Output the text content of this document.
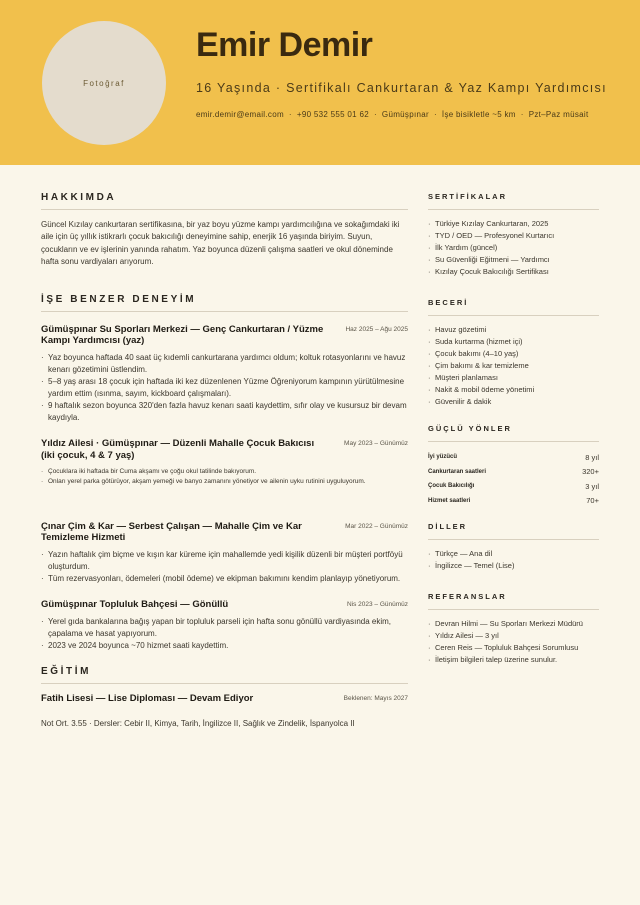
Fotoğraf
Emir Demir
16 Yaşında · Sertifikalı Cankurtaran & Yaz Kampı Yardımcısı
emir.demir@email.com · +90 532 555 01 62 · Gümüşpınar · İşe bisikletle ~5 km · Pzt–Paz müsait
HAKKIMDA

Güncel Kızılay cankurtaran sertifikasına, bir yaz boyu yüzme kampı yardımcılığına ve sokağımdaki iki aile için üç yıllık istikrarlı çocuk bakıcılığı deneyimine sahip, enerjik 16 yaşında biriyim. Suyun, çocukların ve ev işlerinin yanında rahatım. Yaz boyunca düzenli çalışma saatleri ve okul döneminde hafta sonu vardiyaları arıyorum.

İŞE BENZER DENEYİM
Gümüşpınar Su Sporları Merkezi — Genç Cankurtaran / Yüzme Kampı Yardımcısı (yaz)
Haz 2025 – Ağu 2025
· Yaz boyunca haftada 40 saat üç kıdemli cankurtarana yardımcı oldum; koltuk rotasyonlarını ve havuz kenarı gözetimini üstlendim.
· 5–8 yaş arası 18 çocuk için haftada iki kez düzenlenen Yüzme Öğreniyorum kampının yürütülmesine yardım ettim (ısınma, sayım, kickboard çalışmaları).
· 9 haftalık sezon boyunca 320'den fazla havuz kenarı saati kaydettim, sıfır olay ve kusursuz bir devam kaydıyla.
Yıldız Ailesi · Gümüşpınar — Düzenli Mahalle Çocuk Bakıcısı (iki çocuk, 4 & 7 yaş)
May 2023 – Günümüz
· Çocuklara iki haftada bir Cuma akşamı ve çoğu okul tatilinde bakıyorum.
· Onları yerel parka götürüyor, akşam yemeği ve banyo zamanını yönetiyor ve ailenin uyku rutinini uyguluyorum.
Çınar Çim & Kar — Serbest Çalışan — Mahalle Çim ve Kar Temizleme Hizmeti
Mar 2022 – Günümüz
· Yazın haftalık çim biçme ve kışın kar küreme için mahallemde yedi kişilik düzenli bir müşteri portföyü oluşturdum.
· Tüm rezervasyonları, ödemeleri (mobil ödeme) ve ekipman bakımını kendim planlayıp yönetiyorum.
Gümüşpınar Topluluk Bahçesi — Gönüllü	Nis 2023 – Günümüz
· Yerel gıda bankalarına bağış yapan bir topluluk parseli için hafta sonu gönüllü vardiyasında ekim, çapalama ve hasat yapıyorum.
· 2023 ve 2024 boyunca ~70 hizmet saati kaydettim.
EĞİTİM
Fatih Lisesi — Lise Diploması — Devam Ediyor	Beklenen: Mayıs 2027

Not Ort. 3.55 · Dersler: Cebir II, Kimya, Tarih, İngilizce II, Sağlık ve Zindelik, İspanyolca II

SERTİFİKALAR
· Türkiye Kızılay Cankurtaran, 2025
· TYD / OED — Profesyonel Kurtarıcı
· İlk Yardım (güncel)
· Su Güvenliği Eğitmeni — Yardımcı
· Kızılay Çocuk Bakıcılığı Sertifikası
BECERİ
· Havuz gözetimi
· Suda kurtarma (hizmet içi)
· Çocuk bakımı (4–10 yaş)
· Çim bakımı & kar temizleme
· Müşteri planlaması
· Nakit & mobil ödeme yönetimi
· Güvenilir & dakik
GÜÇLÜ YÖNLER
İyi yüzücü	8 yıl
Cankurtaran saatleri	320+
Çocuk Bakıcılığı	3 yıl
Hizmet saatleri	70+
DİLLER
· Türkçe — Ana dil
· İngilizce — Temel (Lise)
REFERANSLAR
· Devran Hilmi — Su Sporları Merkezi Müdürü
· Yıldız Ailesi — 3 yıl
· Ceren Reis — Topluluk Bahçesi Sorumlusu
· İletişim bilgileri talep üzerine sunulur.
